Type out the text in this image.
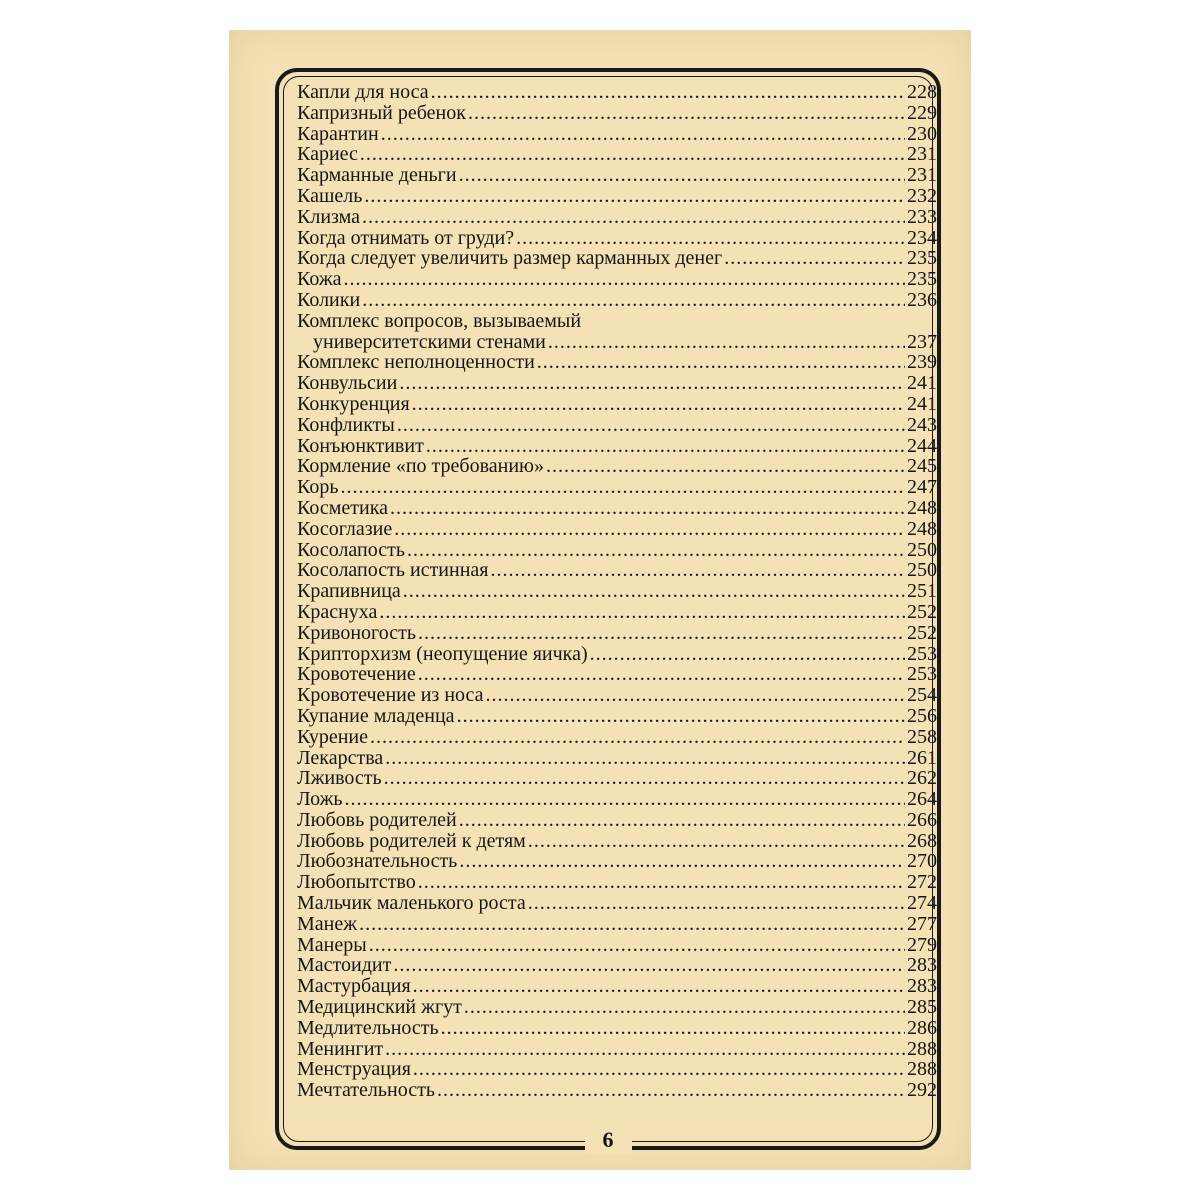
Капли для носа .....	228
Капризный ребенок .....	229
Карантин .....	230
Кариес .....	231
Карманные деньги .....	231
Кашель .....	232
Клизма .....	233
Когда отнимать от груди? .....	234
Когда следует увеличить размер карманных денег .....	235
Кожа .....	235
Колики .....	236
Комплекс вопросов, вызываемый
университетскими стенами .....	237
Комплекс неполноценности .....	239
Конвульсии .....	241
Конкуренция .....	241
Конфликты .....	243
Конъюнктивит .....	244
Кормление «по требованию» .....	245
Корь .....	247
Косметика .....	248
Косоглазие .....	248
Косолапость .....	250
Косолапость истинная .....	250
Крапивница .....	251
Краснуха .....	252
Кривоногость .....	252
Крипторхизм (неопущение яичка) .....	253
Кровотечение .....	253
Кровотечение из носа .....	254
Купание младенца .....	256
Курение .....	258
Лекарства .....	261
Лживость .....	262
Ложь .....	264
Любовь родителей .....	266
Любовь родителей к детям .....	268
Любознательность .....	270
Любопытство .....	272
Мальчик маленького роста .....	274
Манеж .....	277
Манеры .....	279
Мастоидит .....	283
Мастурбация .....	283
Медицинский жгут .....	285
Медлительность .....	286
Менингит .....	288
Менструация .....	288
Мечтательность .....	292
6
